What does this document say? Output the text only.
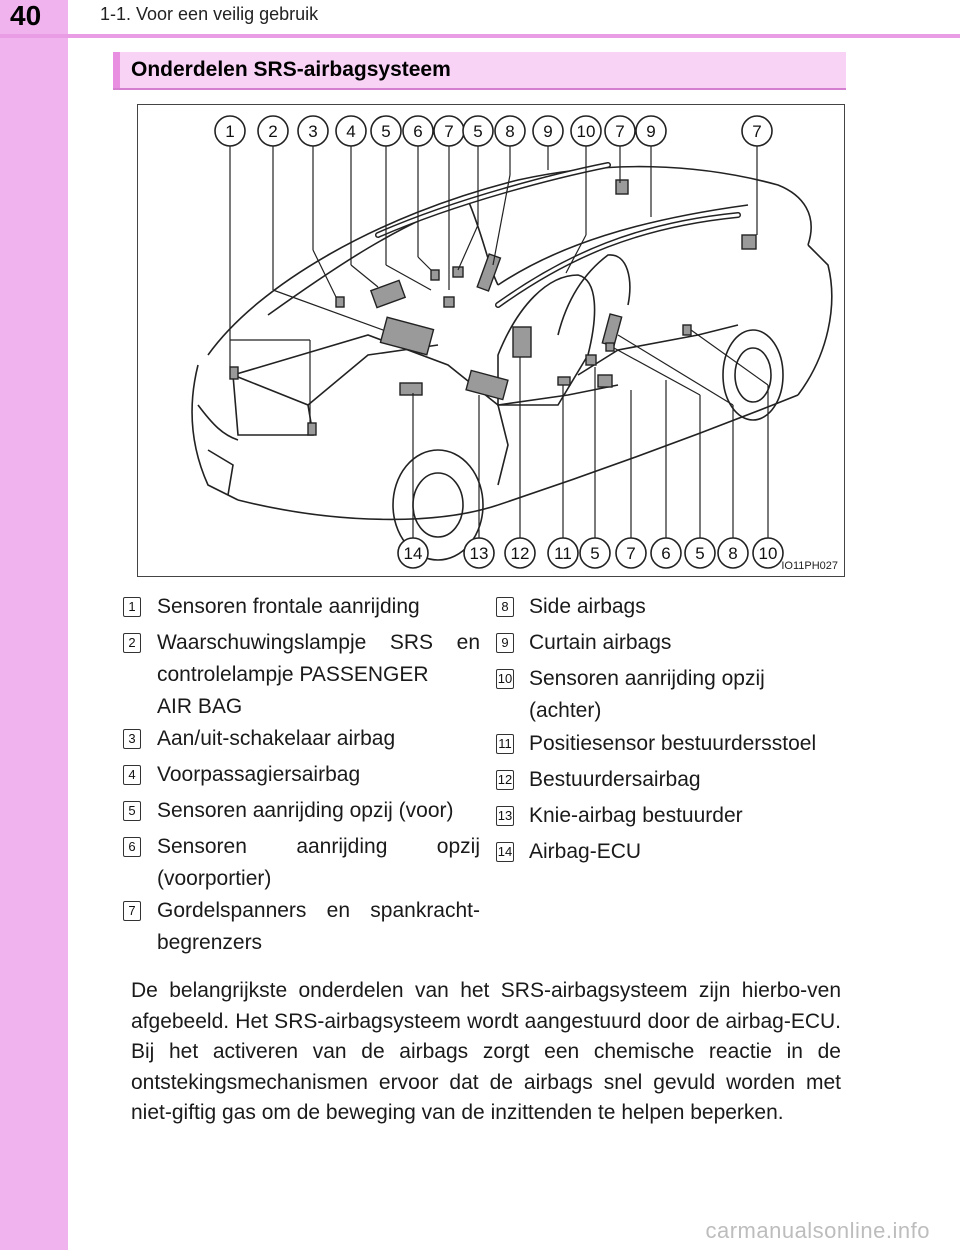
40	1-1. Voor een veilig gebruik
Onderdelen SRS-airbagsysteem
1 2 3 4 5 6 7 5 8 9 10 7 9	7
14	13 12 11 5 7 6 5 8 10
IO11PH027
1 Sensoren frontale aanrijding
2 Waarschuwingslampje SRS en
controlelampje PASSENGER
AIR BAG
3 Aan/uit-schakelaar airbag
4 Voorpassagiersairbag
5 Sensoren aanrijding opzij (voor)
6 Sensoren aanrijding opzij
(voorportier)
7 Gordelspanners en spankracht-
begrenzers
8 Side airbags
9 Curtain airbags
10 Sensoren aanrijding opzij
(achter)
11 Positiesensor bestuurdersstoel
12 Bestuurdersairbag
13 Knie-airbag bestuurder
14 Airbag-ECU
De belangrijkste onderdelen van het SRS-airbagsysteem zijn hierbo-ven afgebeeld. Het SRS-airbagsysteem wordt aangestuurd door de airbag-ECU. Bij het activeren van de airbags zorgt een chemische reactie in de ontstekingsmechanismen ervoor dat de airbags snel gevuld worden met niet-giftig gas om de beweging van de inzittenden te helpen beperken.
carmanualsonline.info
